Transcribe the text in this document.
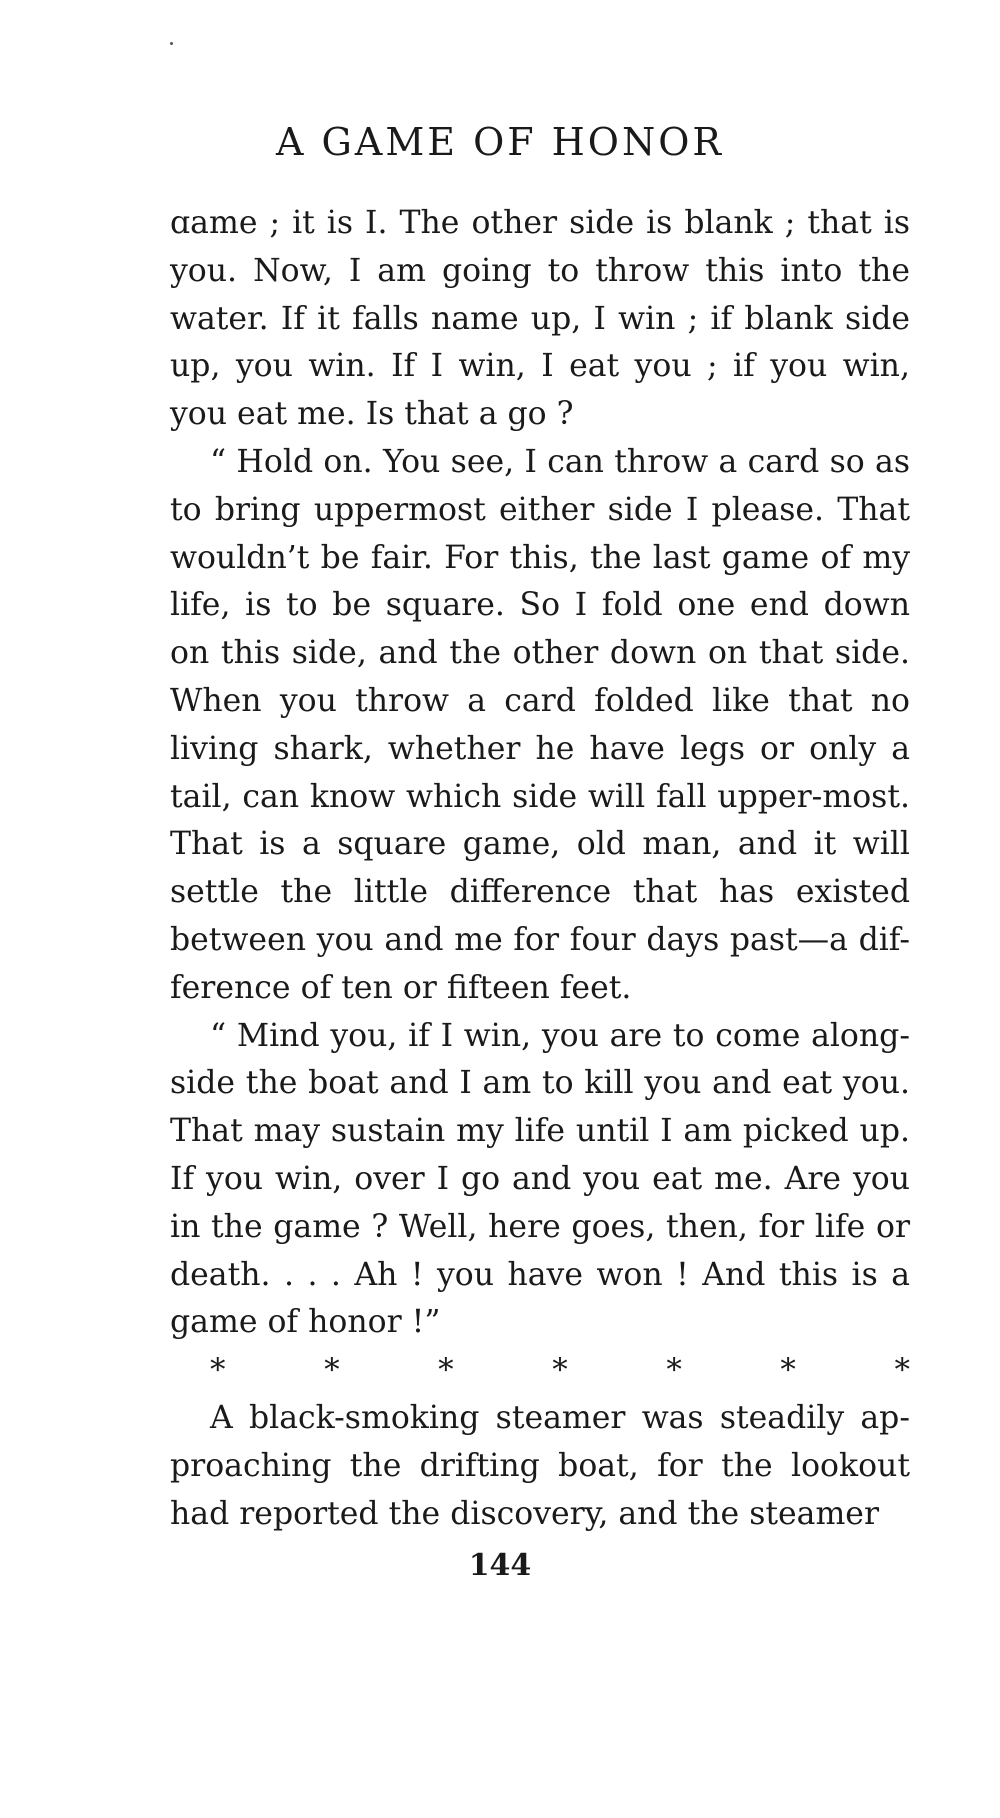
A GAME OF HONOR

ɑame ; it is I. The other side is blank ; that is you. Now, I am going to throw this into the water. If it falls name up, I win ; if blank side up, you win. If I win, I eat you ; if you win, you eat me. Is that a go ?

“ Hold on. You see, I can throw a card so as to bring uppermost either side I please. That wouldn’t be fair. For this, the last game of my life, is to be square. So I fold one end down on this side, and the other down on that side. When you throw a card folded like that no living shark, whether he have legs or only a tail, can know which side will fall upper-most. That is a square game, old man, and it will settle the little difference that has existed between you and me for four days past—a dif-ference of ten or fifteen feet.

“ Mind you, if I win, you are to come along-side the boat and I am to kill you and eat you. That may sustain my life until I am picked up. If you win, over I go and you eat me. Are you in the game ? Well, here goes, then, for life or death. . . . Ah ! you have won ! And this is a game of honor !”

*	*	*	*	*	*	*

A black-smoking steamer was steadily ap-proaching the drifting boat, for the lookout had reported the discovery, and the steamer

144
